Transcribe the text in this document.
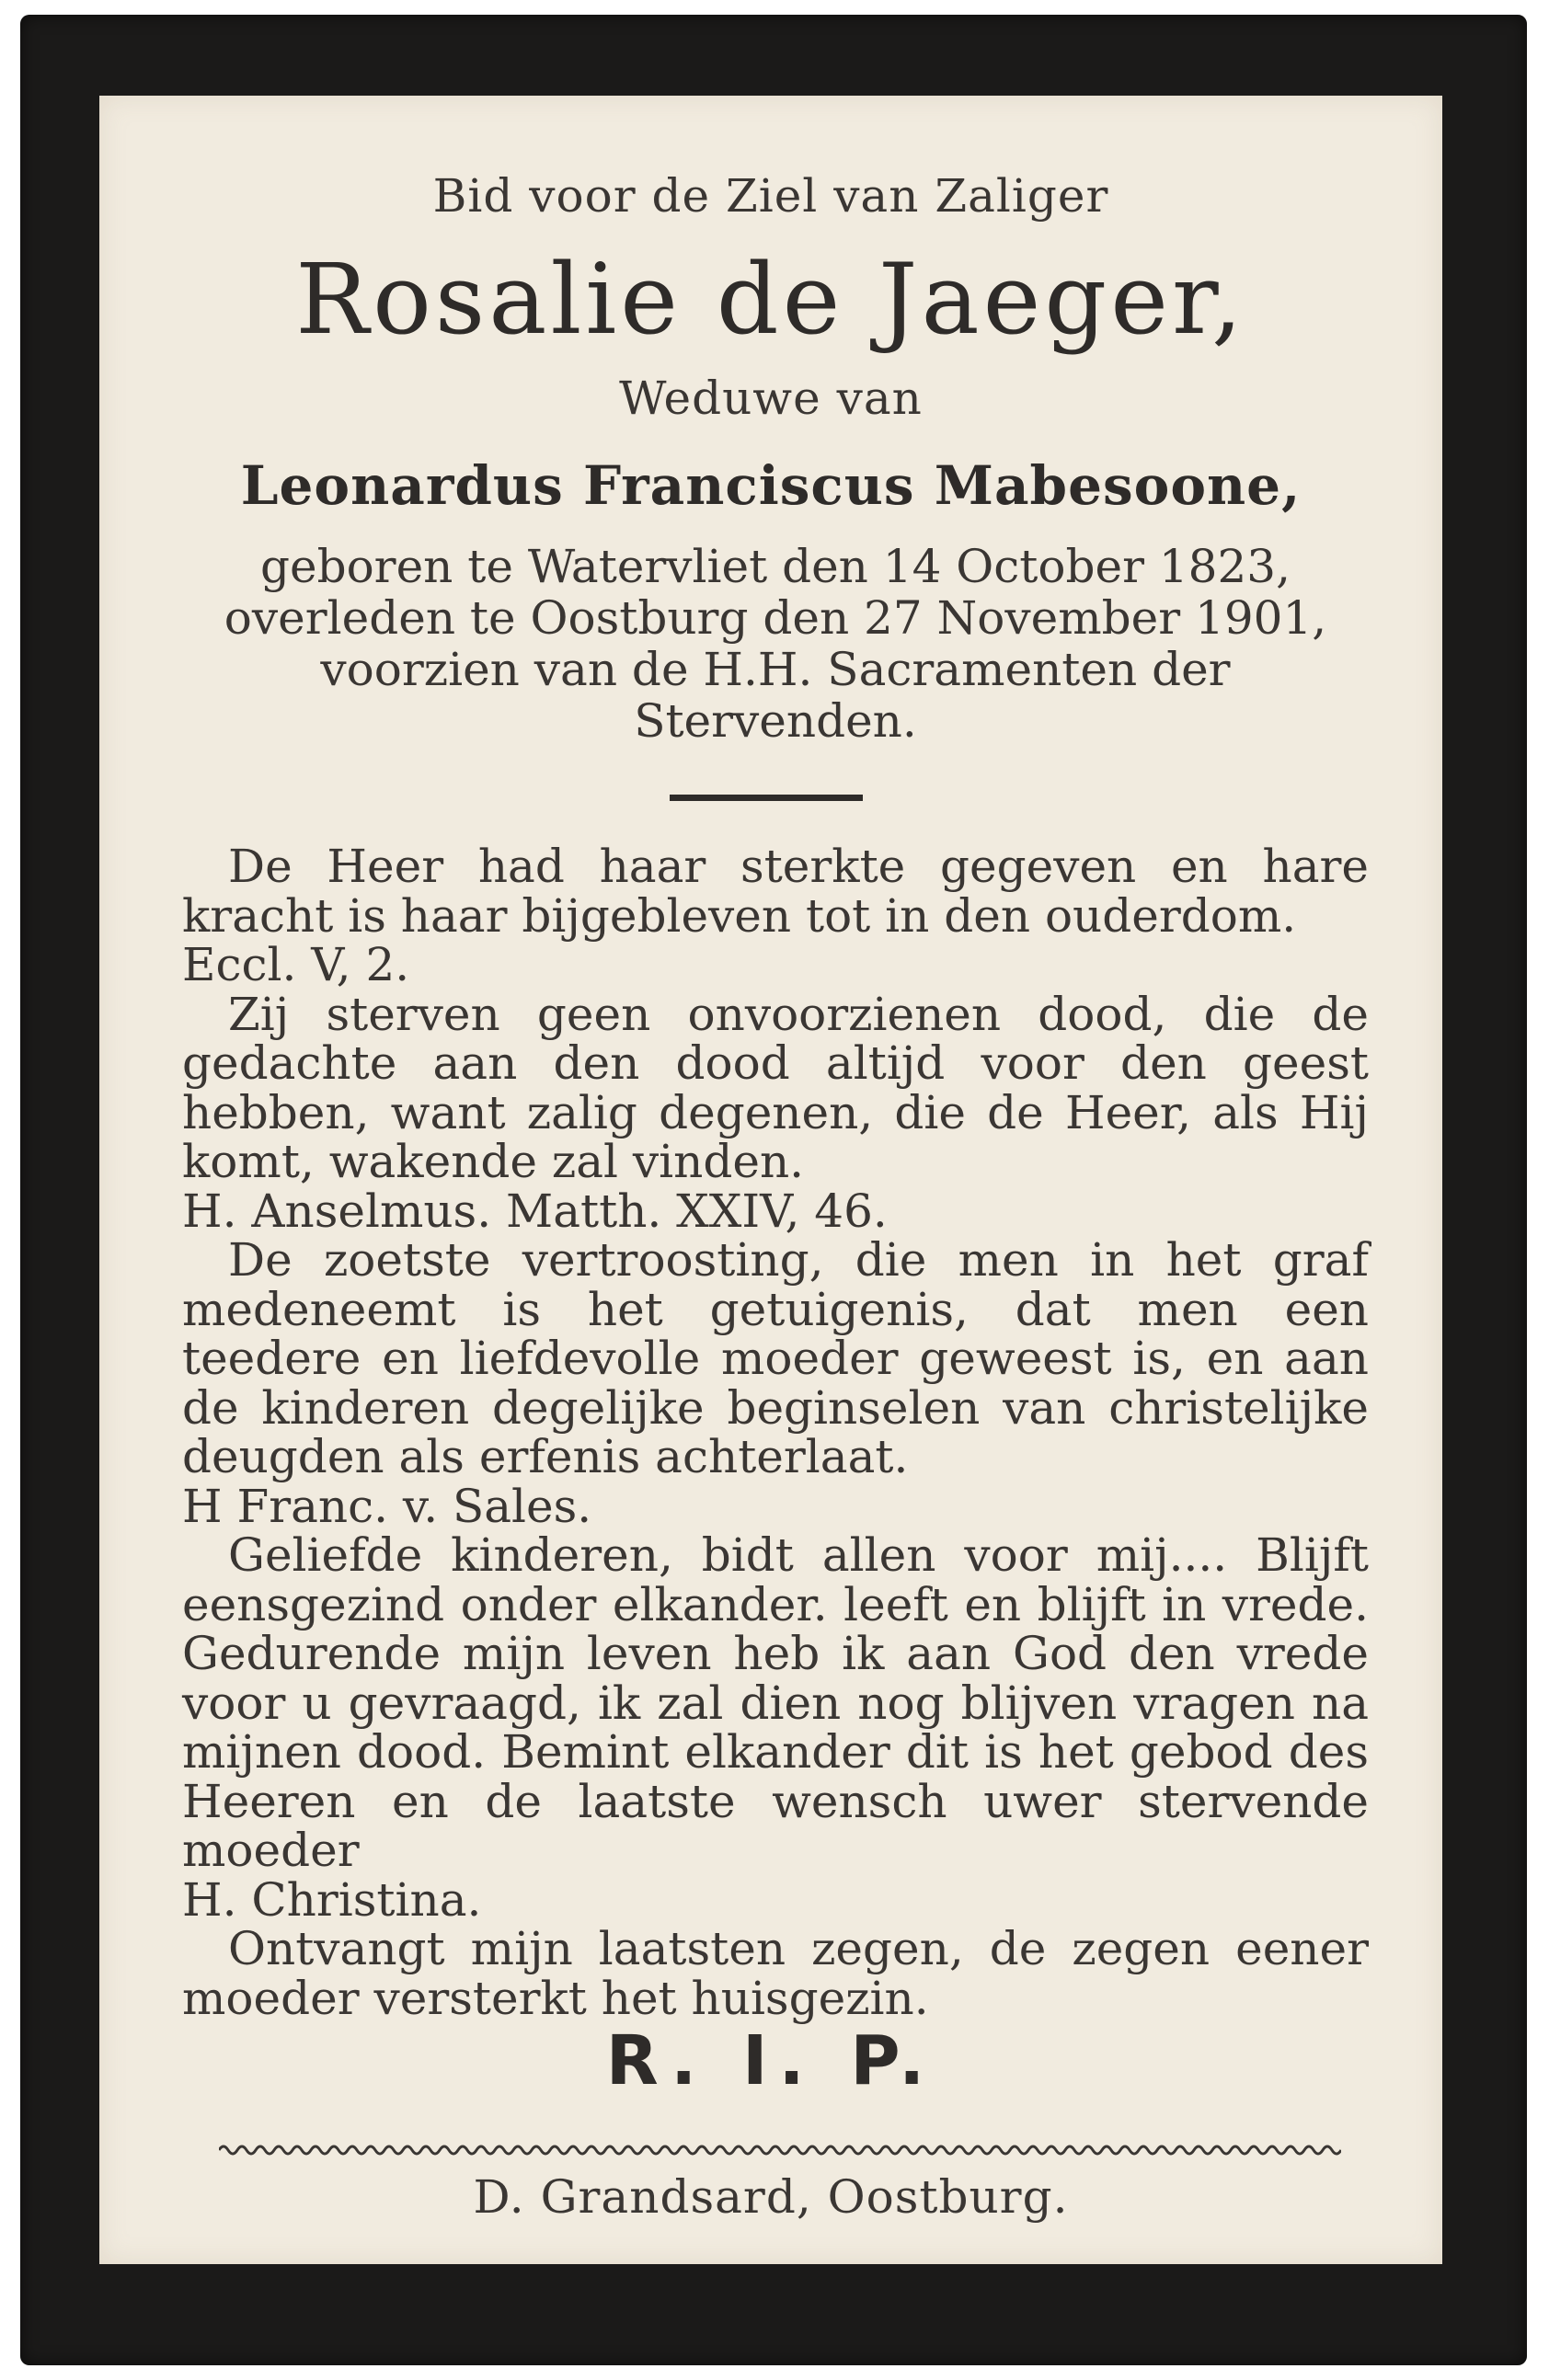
Bid voor de Ziel van Zaliger
Rosalie de Jaeger,
Weduwe van
Leonardus Franciscus Mabesoone,
geboren te Watervliet den 14 October 1823, overleden te Oostburg den 27 November 1901, voorzien van de H.H. Sacramenten der Stervenden.

De Heer had haar sterkte gegeven en hare kracht is haar bijgebleven tot in den ouderdom.

Eccl. V, 2.

Zij sterven geen onvoorzienen dood, die de gedachte aan den dood altijd voor den geest hebben, want zalig degenen, die de Heer, als Hij komt, wakende zal vinden.

H. Anselmus. Matth. XXIV, 46.

De zoetste vertroosting, die men in het graf medeneemt is het getuigenis, dat men een teedere en liefdevolle moeder geweest is, en aan de kinderen degelijke beginselen van christelijke deugden als erfenis achterlaat.

H Franc. v. Sales.

Geliefde kinderen, bidt allen voor mij.... Blijft eensgezind onder elkander. leeft en blijft in vrede. Gedurende mijn leven heb ik aan God den vrede voor u gevraagd, ik zal dien nog blijven vragen na mijnen dood. Bemint elkander dit is het gebod des Heeren en de laatste wensch uwer stervende moeder

H. Christina.

Ontvangt mijn laatsten zegen, de zegen eener moeder versterkt het huisgezin.

R. I. P.
D. Grandsard, Oostburg.
